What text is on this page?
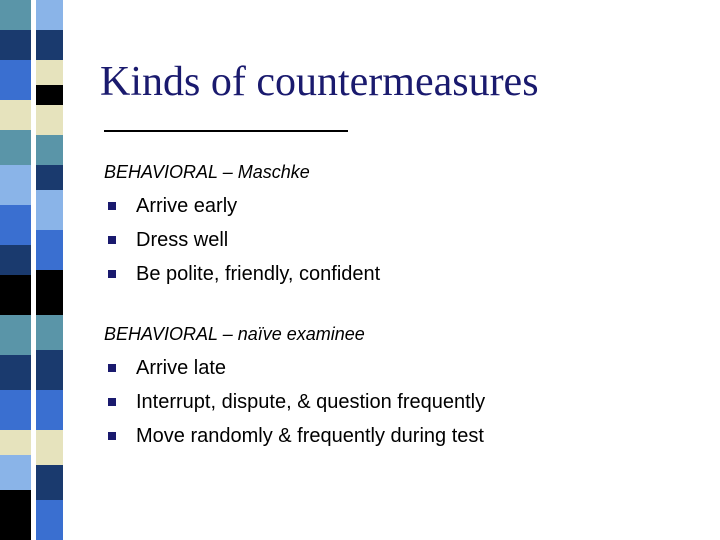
Kinds of countermeasures
BEHAVIORAL – Maschke
Arrive early
Dress well
Be polite, friendly, confident
BEHAVIORAL – naïve examinee
Arrive late
Interrupt, dispute, & question frequently
Move randomly & frequently during test
